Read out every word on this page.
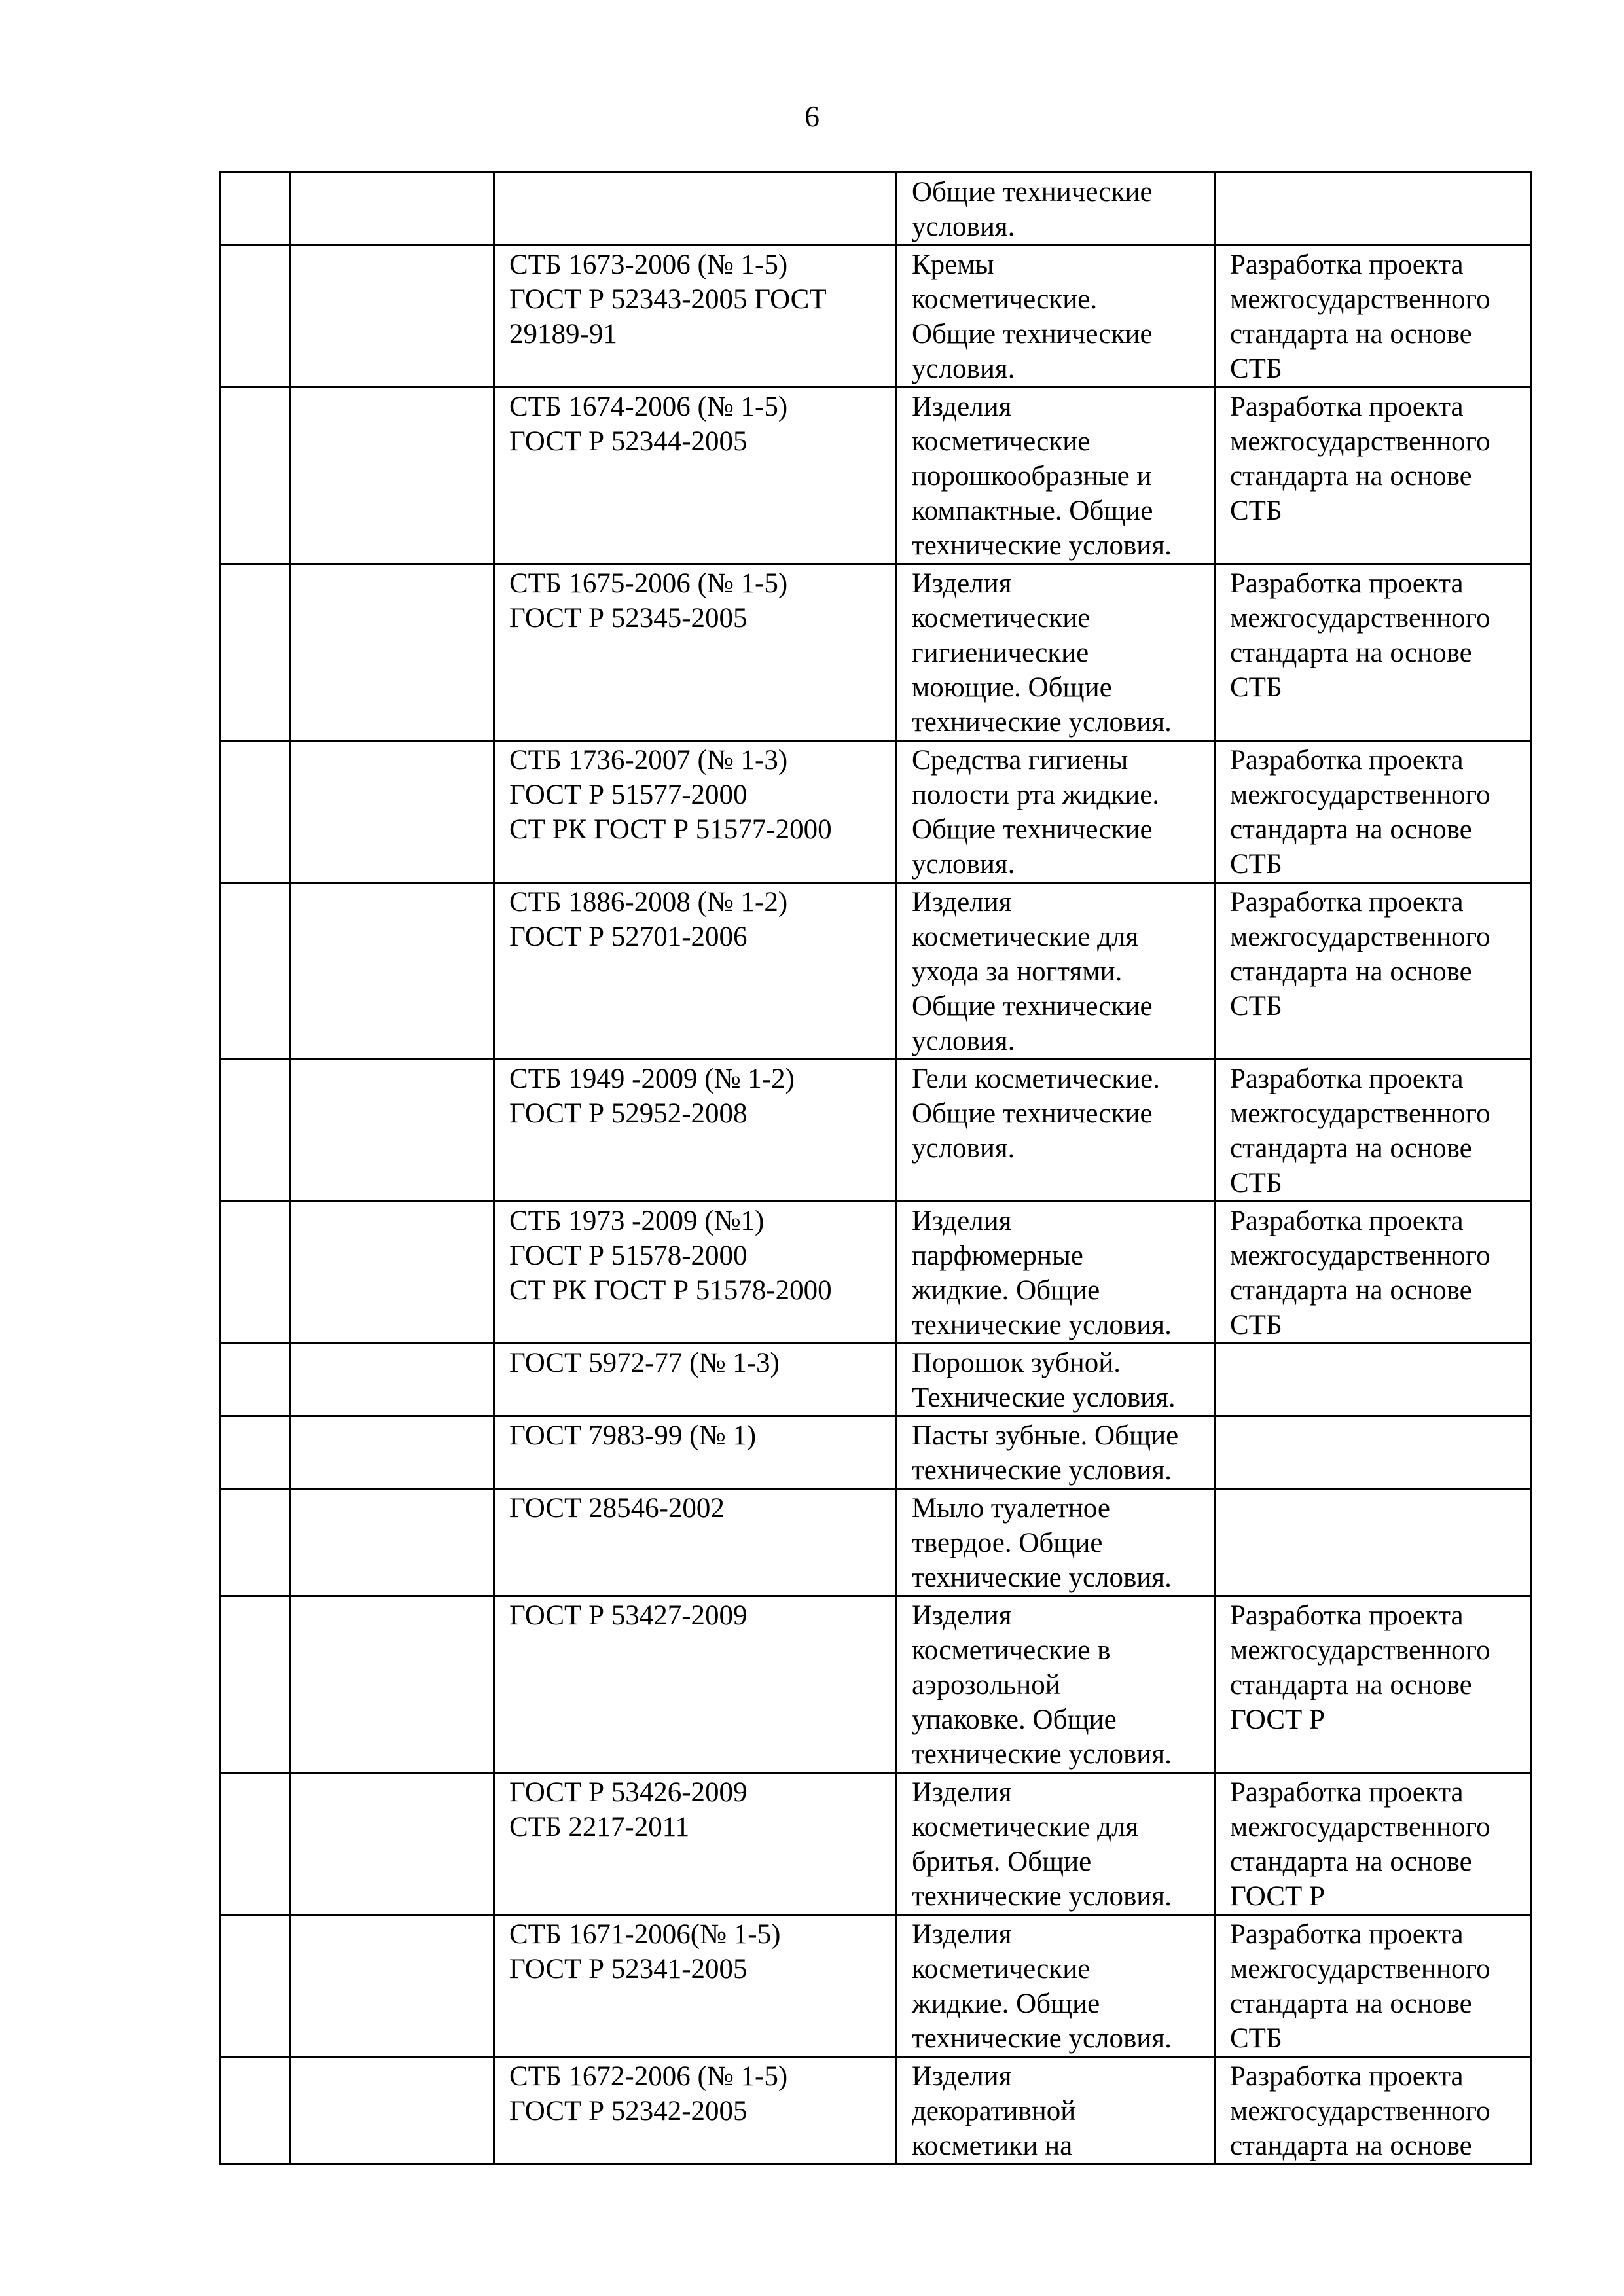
6

			Общие технические
условия.	

		СТБ 1673-2006 (№ 1-5)
ГОСТ Р 52343-2005 ГОСТ
29189-91	Кремы
косметические.
Общие технические
условия.	Разработка проекта
межгосударственного
стандарта на основе
СТБ

		СТБ 1674-2006 (№ 1-5)
ГОСТ Р 52344-2005	Изделия
косметические
порошкообразные и
компактные. Общие
технические условия.	Разработка проекта
межгосударственного
стандарта на основе
СТБ

		СТБ 1675-2006 (№ 1-5)
ГОСТ Р 52345-2005	Изделия
косметические
гигиенические
моющие. Общие
технические условия.	Разработка проекта
межгосударственного
стандарта на основе
СТБ

		СТБ 1736-2007 (№ 1-3)
ГОСТ Р 51577-2000
СТ РК ГОСТ Р 51577-2000	Средства гигиены
полости рта жидкие.
Общие технические
условия.	Разработка проекта
межгосударственного
стандарта на основе
СТБ

		СТБ 1886-2008 (№ 1-2)
ГОСТ Р 52701-2006	Изделия
косметические для
ухода за ногтями.
Общие технические
условия.	Разработка проекта
межгосударственного
стандарта на основе
СТБ

		СТБ 1949 -2009 (№ 1-2)
ГОСТ Р 52952-2008	Гели косметические.
Общие технические
условия.	Разработка проекта
межгосударственного
стандарта на основе
СТБ

		СТБ 1973 -2009 (№1)
ГОСТ Р 51578-2000
СТ РК ГОСТ Р 51578-2000	Изделия
парфюмерные
жидкие. Общие
технические условия.	Разработка проекта
межгосударственного
стандарта на основе
СТБ

		ГОСТ 5972-77 (№ 1-3)	Порошок зубной.
Технические условия.	

		ГОСТ 7983-99 (№ 1)	Пасты зубные. Общие
технические условия.	

		ГОСТ 28546-2002	Мыло туалетное
твердое. Общие
технические условия.	

		ГОСТ Р 53427-2009	Изделия
косметические в
аэрозольной
упаковке. Общие
технические условия.	Разработка проекта
межгосударственного
стандарта на основе
ГОСТ Р

		ГОСТ Р 53426-2009
СТБ 2217-2011	Изделия
косметические для
бритья. Общие
технические условия.	Разработка проекта
межгосударственного
стандарта на основе
ГОСТ Р

		СТБ 1671-2006(№ 1-5)
ГОСТ Р 52341-2005	Изделия
косметические
жидкие. Общие
технические условия.	Разработка проекта
межгосударственного
стандарта на основе
СТБ

		СТБ 1672-2006 (№ 1-5)
ГОСТ Р 52342-2005	Изделия
декоративной
косметики на	Разработка проекта
межгосударственного
стандарта на основе
